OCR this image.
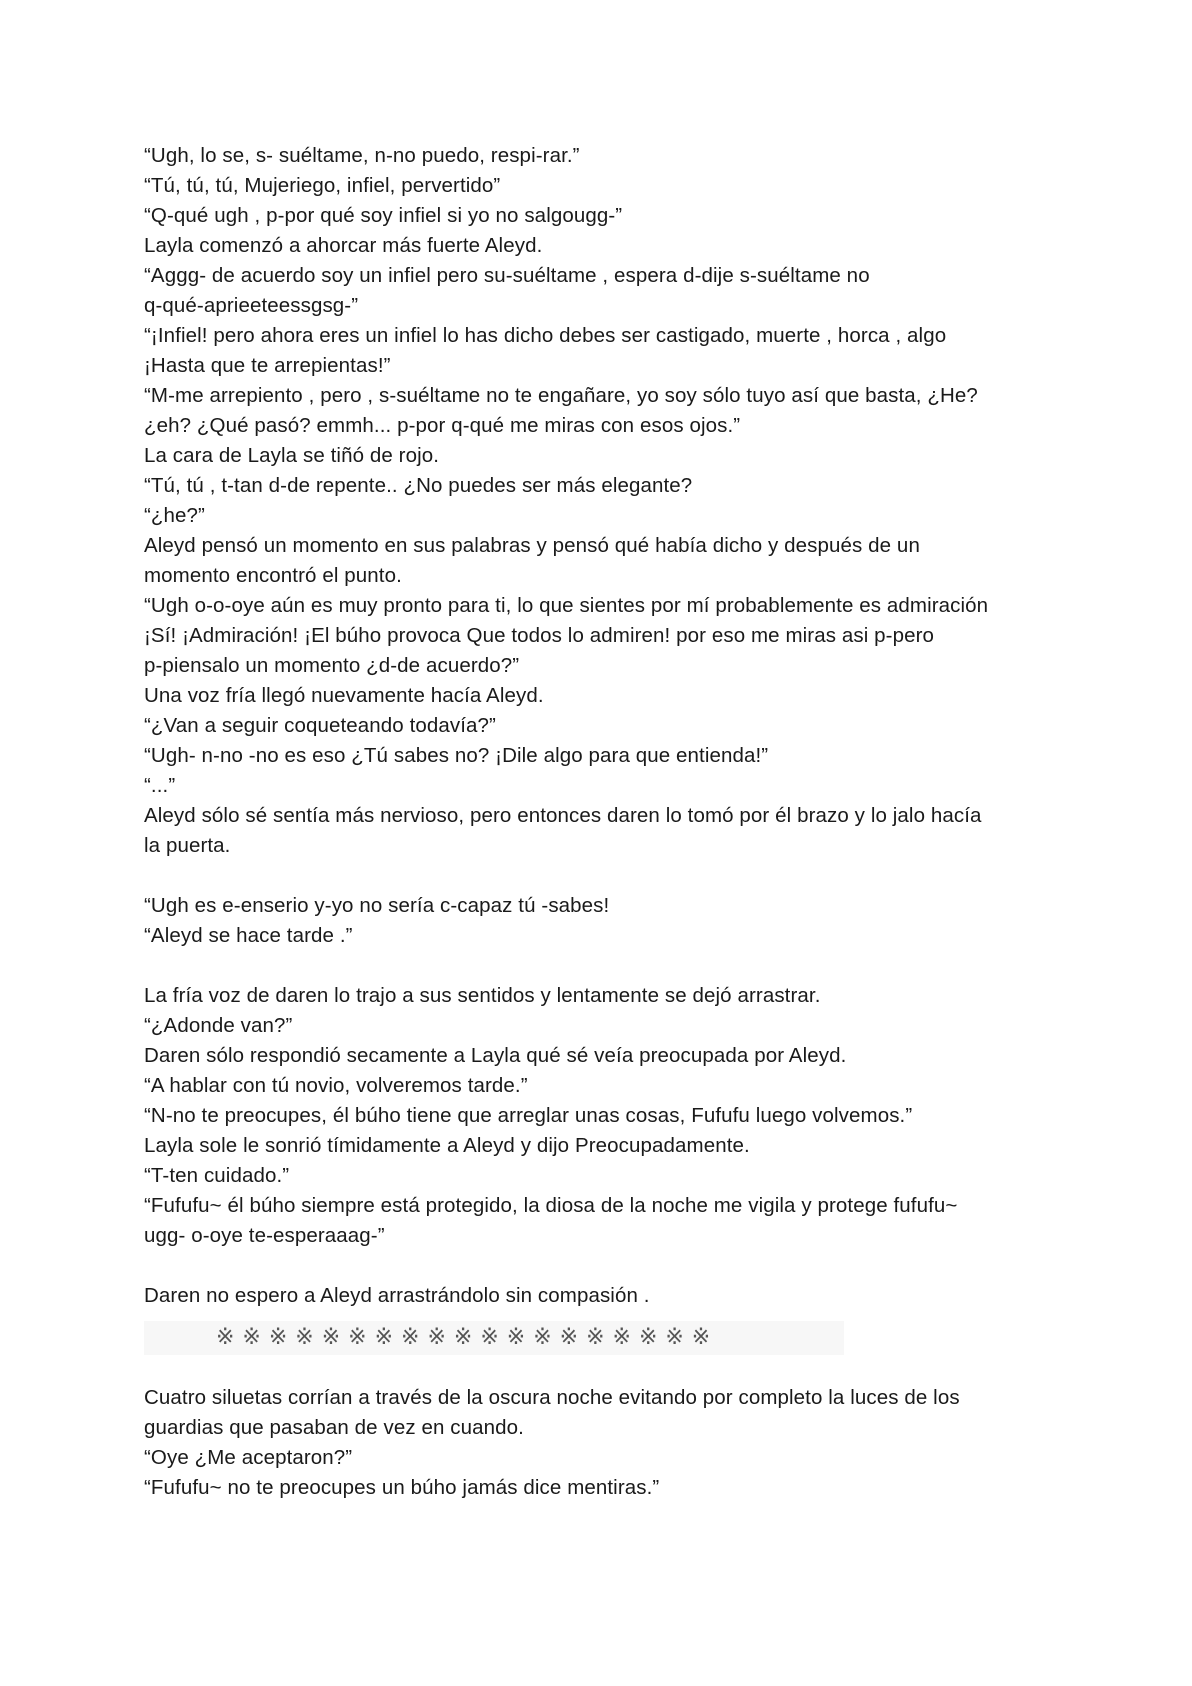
“Ugh, lo se, s- suéltame, n-no puedo, respi-rar.”
“Tú, tú, tú, Mujeriego, infiel, pervertido”
“Q-qué ugh , p-por qué soy infiel si yo no salgougg-”
Layla comenzó a ahorcar más fuerte Aleyd.
“Aggg- de acuerdo soy un infiel pero su-suéltame , espera d-dije s-suéltame no
q-qué-aprieeteessgsg-”
“¡Infiel! pero ahora eres un infiel lo has dicho debes ser castigado, muerte , horca , algo
¡Hasta que te arrepientas!”
“M-me arrepiento , pero , s-suéltame no te engañare, yo soy sólo tuyo así que basta, ¿He?
¿eh? ¿Qué pasó? emmh... p-por q-qué me miras con esos ojos.”
La cara de Layla se tiñó de rojo.
“Tú, tú , t-tan d-de repente.. ¿No puedes ser más elegante?
“¿he?”
Aleyd pensó un momento en sus palabras y pensó qué había dicho y después de un
momento encontró el punto.
“Ugh o-o-oye aún es muy pronto para ti, lo que sientes por mí probablemente es admiración
¡Sí! ¡Admiración! ¡El búho provoca Que todos lo admiren! por eso me miras asi p-pero
p-piensalo un momento ¿d-de acuerdo?”
Una voz fría llegó nuevamente hacía Aleyd.
“¿Van a seguir coqueteando todavía?”
“Ugh- n-no -no es eso ¿Tú sabes no? ¡Dile algo para que entienda!”
“...”
Aleyd sólo sé sentía más nervioso, pero entonces daren lo tomó por él brazo y lo jalo hacía
la puerta.
“Ugh es e-enserio y-yo no sería c-capaz tú -sabes!
“Aleyd se hace tarde .”
La fría voz de daren lo trajo a sus sentidos y lentamente se dejó arrastrar.
“¿Adonde van?”
Daren sólo respondió secamente a Layla qué sé veía preocupada por Aleyd.
“A hablar con tú novio, volveremos tarde.”
“N-no te preocupes, él búho tiene que arreglar unas cosas, Fufufu luego volvemos.”
Layla sole le sonrió tímidamente a Aleyd y dijo Preocupadamente.
“T-ten cuidado.”
“Fufufu~ él búho siempre está protegido, la diosa de la noche me vigila y protege fufufu~
ugg- o-oye te-esperaaag-”
Daren no espero a Aleyd arrastrándolo sin compasión .
※※※※※※※※※※※※※※※※※※※
Cuatro siluetas corrían a través de la oscura noche evitando por completo la luces de los
guardias que pasaban de vez en cuando.
“Oye ¿Me aceptaron?”
“Fufufu~ no te preocupes un búho jamás dice mentiras.”
